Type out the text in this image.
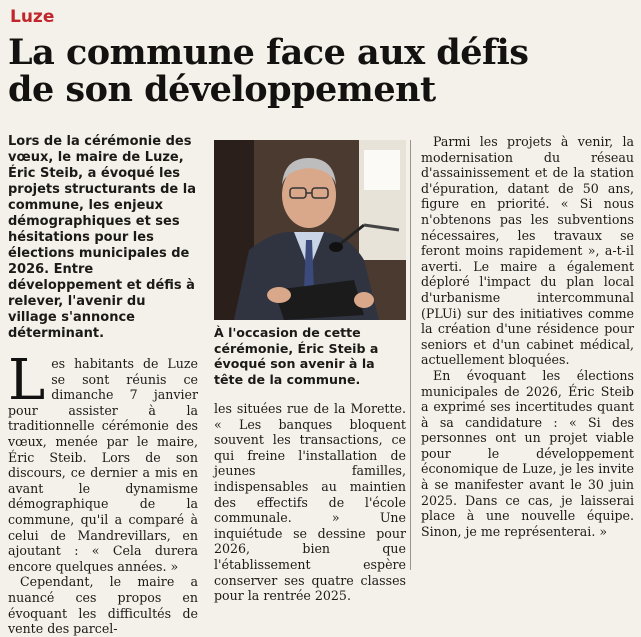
Luze
La commune face aux défis
de son développement

Lors de la cérémonie des vœux, le maire de Luze, Éric Steib, a évoqué les projets structurants de la commune, les enjeux démographiques et ses hésitations pour les élections municipales de 2026. Entre développement et défis à relever, l'avenir du village s'annonce déterminant.

Les habitants de Luze se sont réunis ce dimanche 7 janvier pour assister à la traditionnelle cérémonie des vœux, menée par le maire, Éric Steib. Lors de son discours, ce dernier a mis en avant le dynamisme démographique de la commune, qu'il a comparé à celui de Mandrevillars, en ajoutant : « Cela durera encore quelques années. »

Cependant, le maire a nuancé ces propos en évoquant les difficultés de vente des parcel-

À l'occasion de cette cérémonie, Éric Steib a évoqué son avenir à la tête de la commune.

les situées rue de la Morette. « Les banques bloquent souvent les transactions, ce qui freine l'installation de jeunes familles, indispensables au maintien des effectifs de l'école communale. » Une inquiétude se dessine pour 2026, bien que l'établissement espère conserver ses quatre classes pour la rentrée 2025.

Parmi les projets à venir, la modernisation du réseau d'assainissement et de la station d'épuration, datant de 50 ans, figure en priorité. « Si nous n'obtenons pas les subventions nécessaires, les travaux se feront moins rapidement », a-t-il averti. Le maire a également déploré l'impact du plan local d'urbanisme intercommunal (PLUi) sur des initiatives comme la création d'une résidence pour seniors et d'un cabinet médical, actuellement bloquées.

En évoquant les élections municipales de 2026, Éric Steib a exprimé ses incertitudes quant à sa candidature : « Si des personnes ont un projet viable pour le développement économique de Luze, je les invite à se manifester avant le 30 juin 2025. Dans ce cas, je laisserai place à une nouvelle équipe. Sinon, je me représenterai. »
